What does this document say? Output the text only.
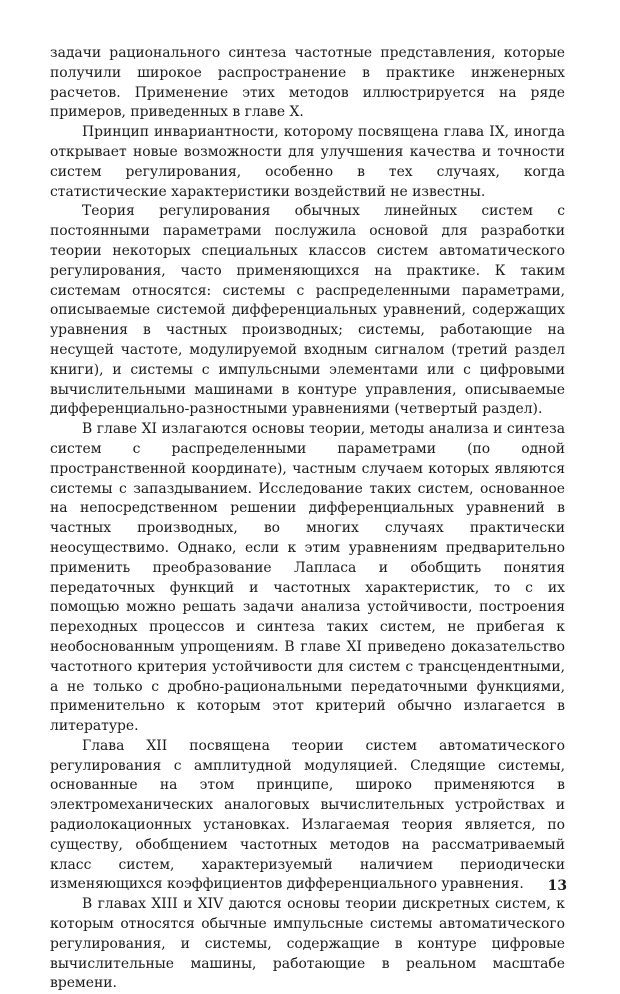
задачи рационального синтеза частотные представления, которые получили широкое распространение в практике инженерных расчетов. Применение этих методов иллюстрируется на ряде примеров, приведенных в главе X.

Принцип инвариантности, которому посвящена глава IX, иногда открывает новые возможности для улучшения качества и точности систем регулирования, особенно в тех случаях, когда статистические характеристики воздействий не известны.

Теория регулирования обычных линейных систем с постоянными параметрами послужила основой для разработки теории некоторых специальных классов систем автоматического регулирования, часто применяющихся на практике. К таким системам относятся: системы с распределенными параметрами, описываемые системой дифференциальных уравнений, содержащих уравнения в частных производных; системы, работающие на несущей частоте, модулируемой входным сигналом (третий раздел книги), и системы с импульсными элементами или с цифровыми вычислительными машинами в контуре управления, описываемые дифференциально-разностными уравнениями (четвертый раздел).

В главе XI излагаются основы теории, методы анализа и синтеза систем с распределенными параметрами (по одной пространственной координате), частным случаем которых являются системы с запаздыванием. Исследование таких систем, основанное на непосредственном решении дифференциальных уравнений в частных производных, во многих случаях практически неосуществимо. Однако, если к этим уравнениям предварительно применить преобразование Лапласа и обобщить понятия передаточных функций и частотных характеристик, то с их помощью можно решать задачи анализа устойчивости, построения переходных процессов и синтеза таких систем, не прибегая к необоснованным упрощениям. В главе XI приведено доказательство частотного критерия устойчивости для систем с трансцендентными, а не только с дробно-рациональными передаточными функциями, применительно к которым этот критерий обычно излагается в литературе.

Глава XII посвящена теории систем автоматического регулирования с амплитудной модуляцией. Следящие системы, основанные на этом принципе, широко применяются в электромеханических аналоговых вычислительных устройствах и радиолокационных установках. Излагаемая теория является, по существу, обобщением частотных методов на рассматриваемый класс систем, характеризуемый наличием периодически изменяющихся коэффициентов дифференциального уравнения.

В главах XIII и XIV даются основы теории дискретных систем, к которым относятся обычные импульсные системы автоматического регулирования, и системы, содержащие в контуре цифровые вычислительные машины, работающие в реальном масштабе времени.

13
